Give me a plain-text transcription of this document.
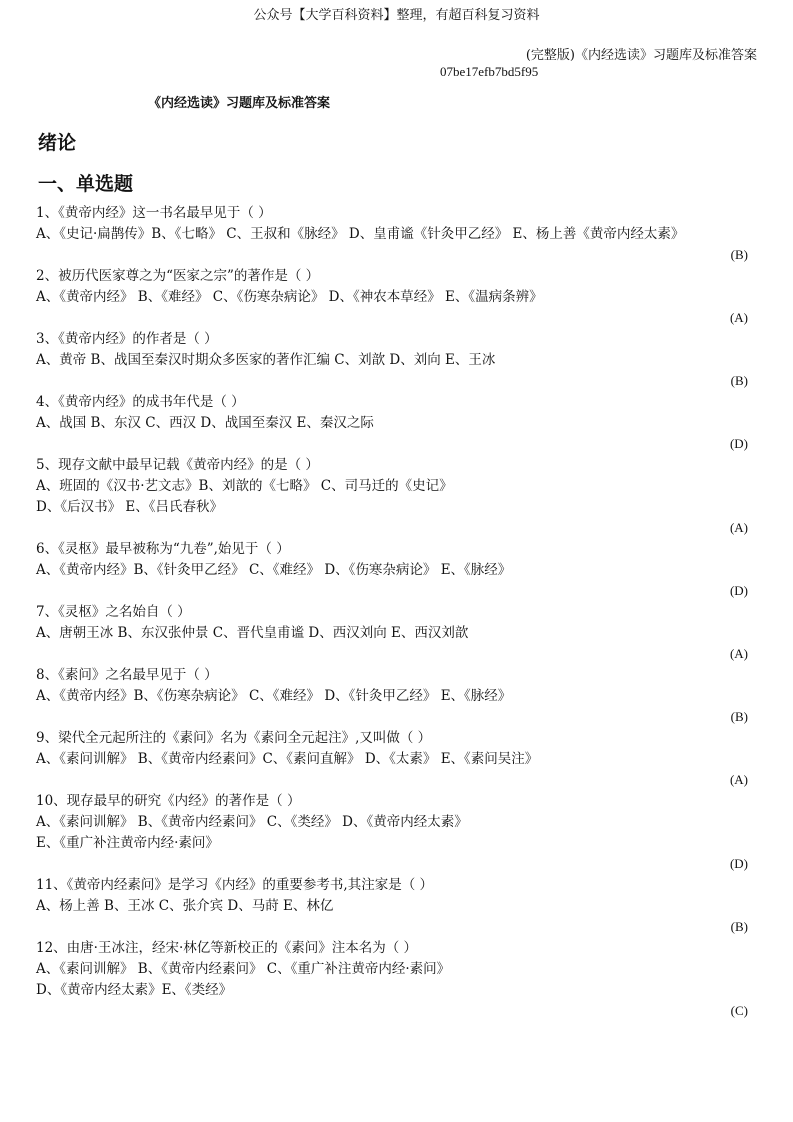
公众号【大学百科资料】整理，有超百科复习资料
(完整版)《内经选读》习题库及标准答案
07be17efb7bd5f95
《内经选读》习题库及标准答案
绪论
一、单选题
1、《黄帝内经》这一书名最早见于（ ）
A、《史记·扁鹊传》B、《七略》 C、王叔和《脉经》 D、皇甫谧《针灸甲乙经》 E、杨上善《黄帝内经太素》
(B)
2、被历代医家尊之为“医家之宗”的著作是（ ）
A、《黄帝内经》 B、《难经》 C、《伤寒杂病论》 D、《神农本草经》 E、《温病条辨》
(A)
3、《黄帝内经》的作者是（ ）
A、黄帝 B、战国至秦汉时期众多医家的著作汇编 C、刘歆 D、刘向 E、王冰
(B)
4、《黄帝内经》的成书年代是（ ）
A、战国 B、东汉 C、西汉 D、战国至秦汉 E、秦汉之际
(D)
5、现存文献中最早记载《黄帝内经》的是（ ）
A、班固的《汉书·艺文志》B、刘歆的《七略》 C、司马迁的《史记》
D、《后汉书》 E、《吕氏春秋》
(A)
6、《灵枢》最早被称为“九卷”,始见于（ ）
A、《黄帝内经》B、《针灸甲乙经》 C、《难经》 D、《伤寒杂病论》 E、《脉经》
(D)
7、《灵枢》之名始自（ ）
A、唐朝王冰 B、东汉张仲景 C、晋代皇甫谧 D、西汉刘向 E、西汉刘歆
(A)
8、《素问》之名最早见于（ ）
A、《黄帝内经》B、《伤寒杂病论》 C、《难经》 D、《针灸甲乙经》 E、《脉经》
(B)
9、梁代全元起所注的《素问》名为《素问全元起注》,又叫做（ ）
A、《素问训解》 B、《黄帝内经素问》C、《素问直解》 D、《太素》 E、《素问吴注》
(A)
10、现存最早的研究《内经》的著作是（ ）
A、《素问训解》 B、《黄帝内经素问》 C、《类经》 D、《黄帝内经太素》
E、《重广补注黄帝内经·素问》
(D)
11、《黄帝内经素问》是学习《内经》的重要参考书,其注家是（ ）
A、杨上善 B、王冰 C、张介宾 D、马莳 E、林亿
(B)
12、由唐·王冰注，经宋·林亿等新校正的《素问》注本名为（ ）
A、《素问训解》 B、《黄帝内经素问》 C、《重广补注黄帝内经·素问》
D、《黄帝内经太素》E、《类经》
(C)
